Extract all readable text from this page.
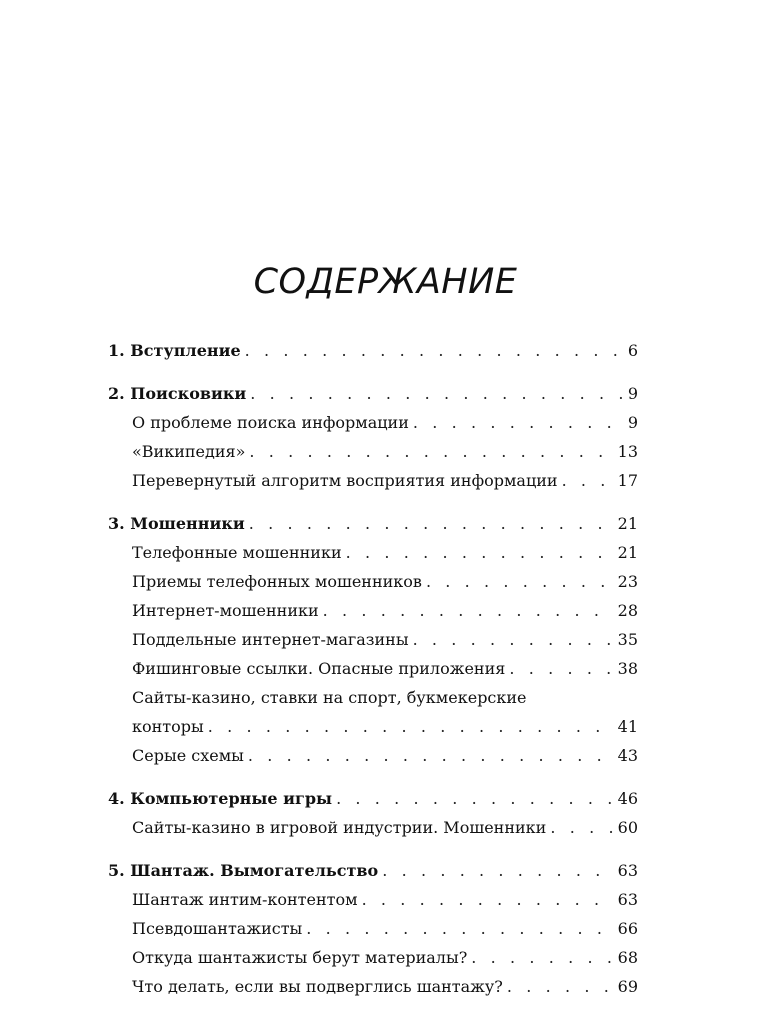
СОДЕРЖАНИЕ
1. Вступление . . .	6
2. Поисковики . . .	9
О проблеме поиска информации . . .	9
«Википедия» . . .	13
Перевернутый алгоритм восприятия информации . . .	17
3. Мошенники . . .	21
Телефонные мошенники . . .	21
Приемы телефонных мошенников . . .	23
Интернет-мошенники . . .	28
Поддельные интернет-магазины . . .	35
Фишинговые ссылки. Опасные приложения . . .	38
Сайты-казино, ставки на спорт, букмекерские
конторы . . .	41
Серые схемы . . .	43
4. Компьютерные игры . . .	46
Сайты-казино в игровой индустрии. Мошенники . . .	60
5. Шантаж. Вымогательство . . .	63
Шантаж интим-контентом . . .	63
Псевдошантажисты . . .	66
Откуда шантажисты берут материалы? . . .	68
Что делать, если вы подверглись шантажу? . . .	69
